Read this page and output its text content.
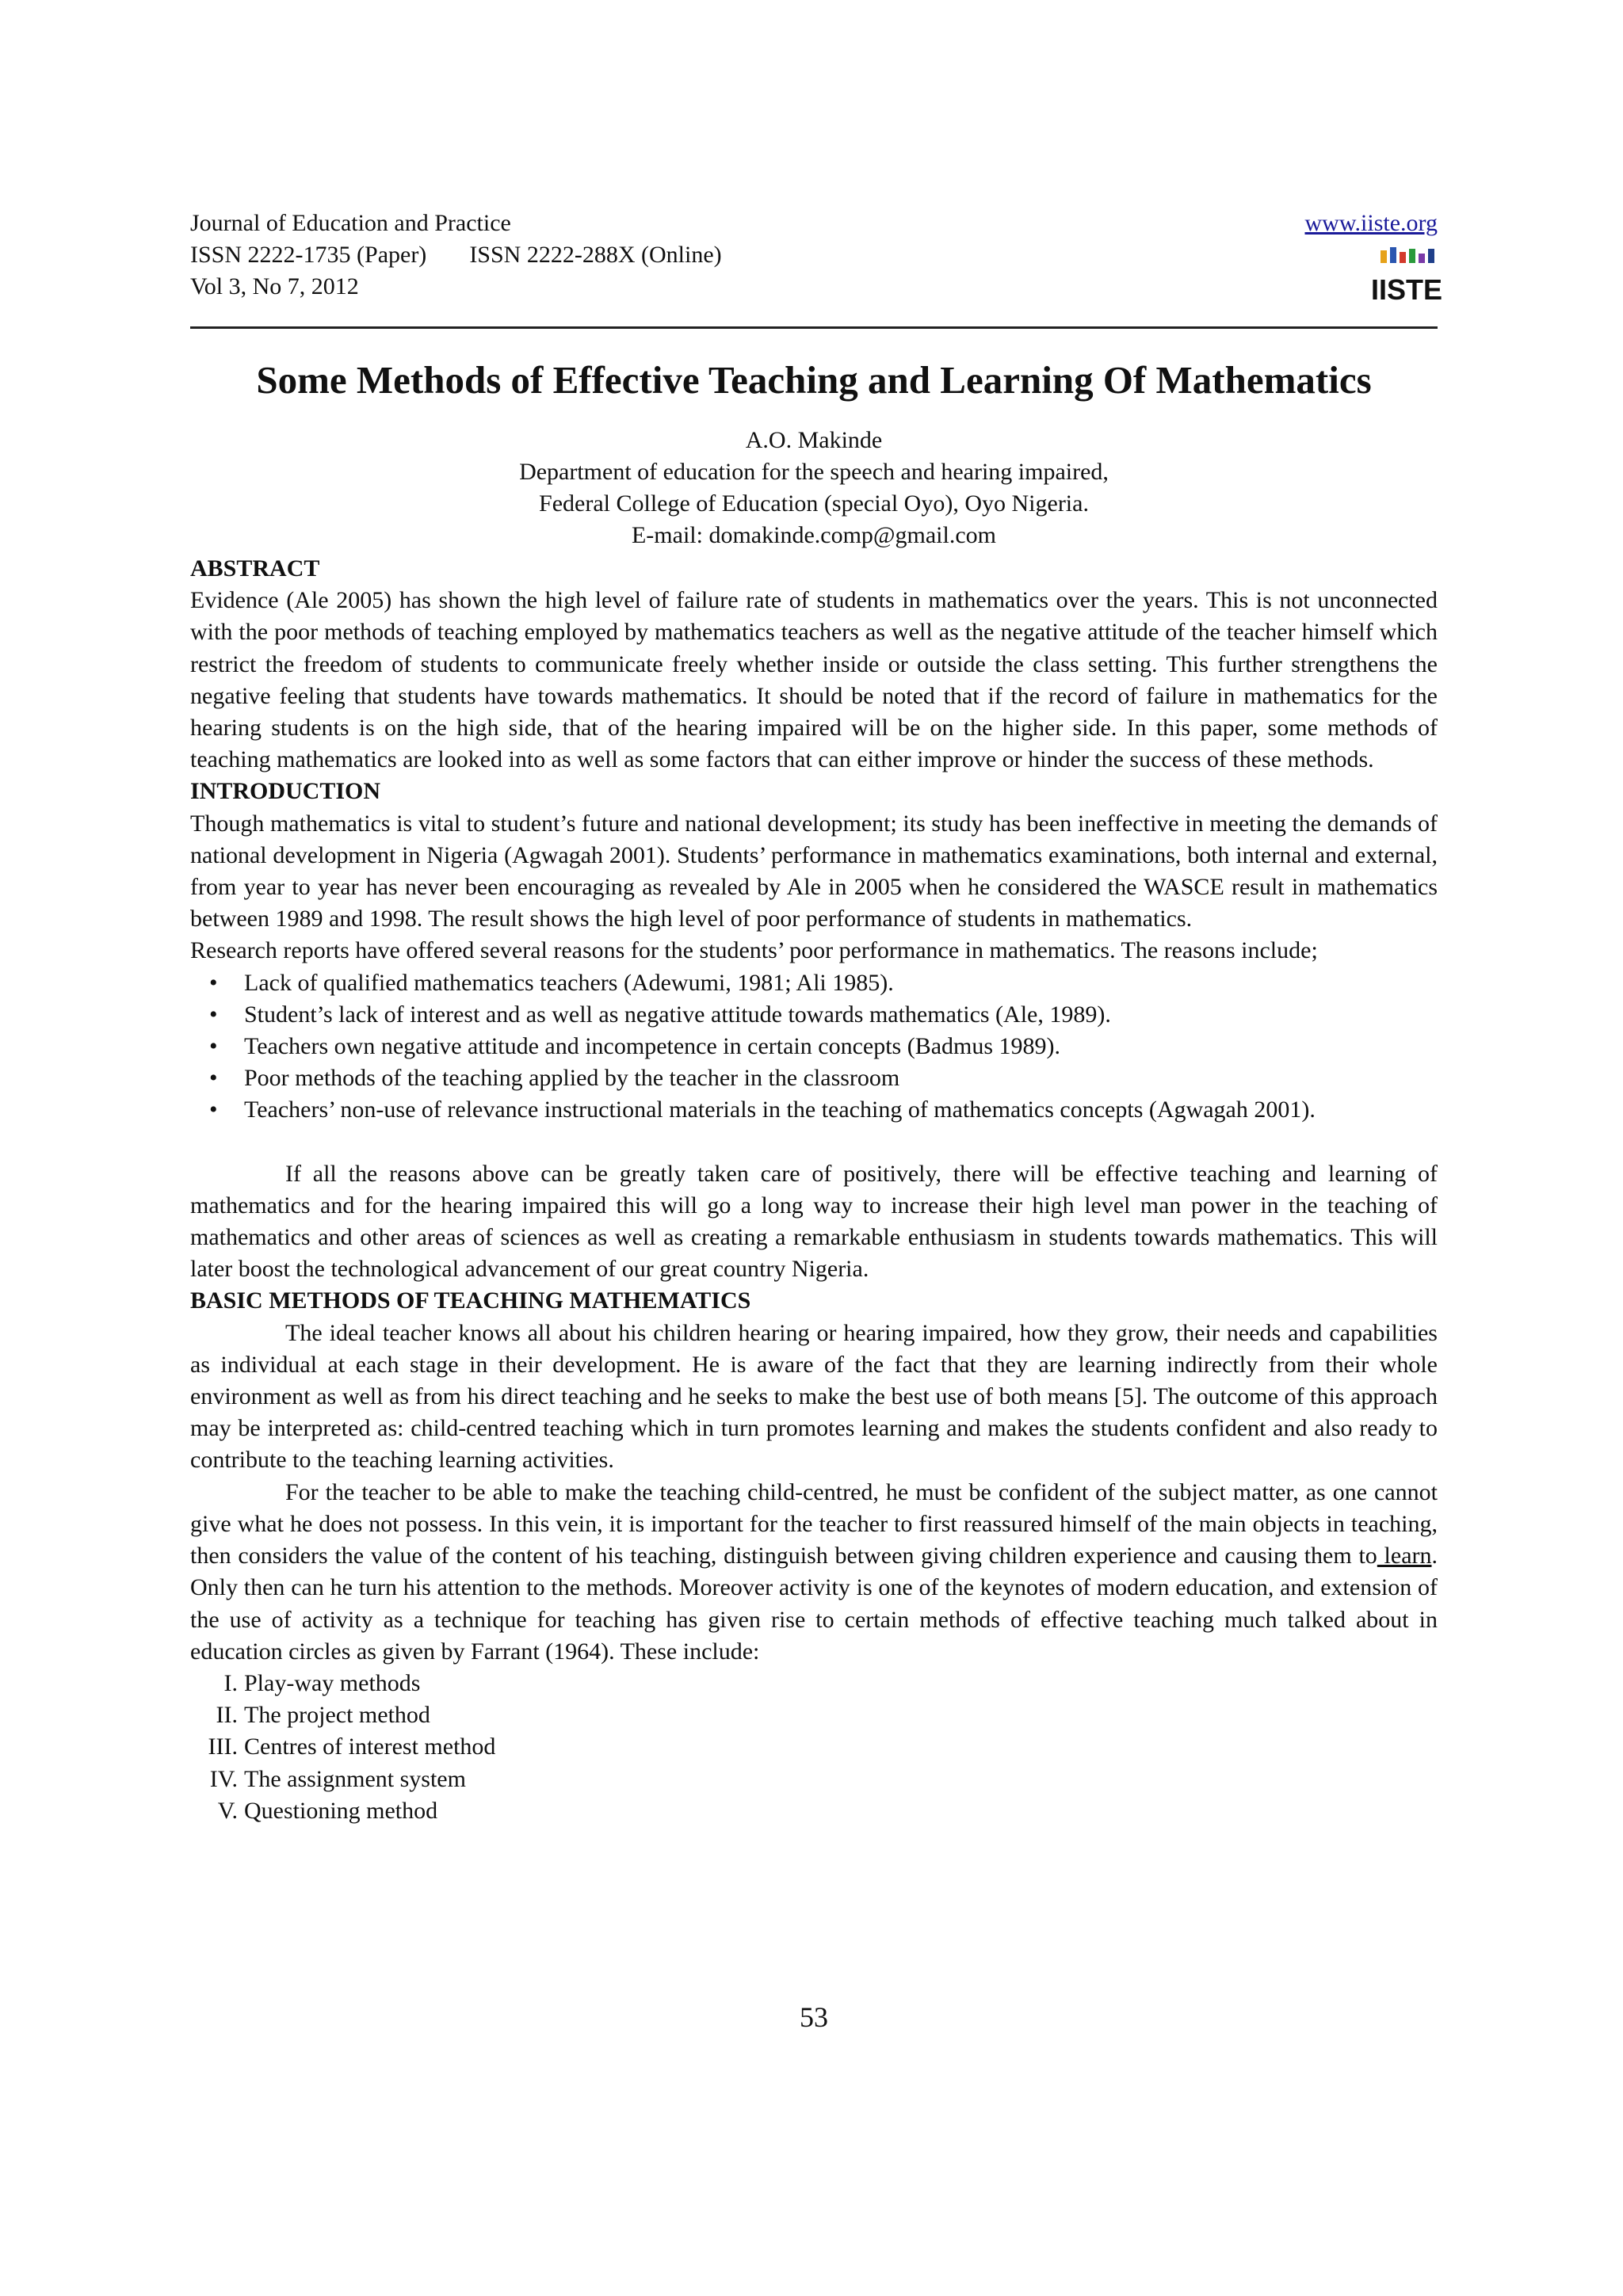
Journal of Education and Practice
ISSN 2222-1735 (Paper) ISSN 2222-288X (Online)
Vol 3, No 7, 2012
www.iiste.org
IISTE
Some Methods of Effective Teaching and Learning Of Mathematics
A.O. Makinde
Department of education for the speech and hearing impaired,
Federal College of Education (special Oyo), Oyo Nigeria.
E-mail: domakinde.comp@gmail.com
ABSTRACT

Evidence (Ale 2005) has shown the high level of failure rate of students in mathematics over the years. This is not unconnected with the poor methods of teaching employed by mathematics teachers as well as the negative attitude of the teacher himself which restrict the freedom of students to communicate freely whether inside or outside the class setting. This further strengthens the negative feeling that students have towards mathematics. It should be noted that if the record of failure in mathematics for the hearing students is on the high side, that of the hearing impaired will be on the higher side. In this paper, some methods of teaching mathematics are looked into as well as some factors that can either improve or hinder the success of these methods.

INTRODUCTION

Though mathematics is vital to student’s future and national development; its study has been ineffective in meeting the demands of national development in Nigeria (Agwagah 2001). Students’ performance in mathematics examinations, both internal and external, from year to year has never been encouraging as revealed by Ale in 2005 when he considered the WASCE result in mathematics between 1989 and 1998. The result shows the high level of poor performance of students in mathematics.

Research reports have offered several reasons for the students’ poor performance in mathematics. The reasons include;

• Lack of qualified mathematics teachers (Adewumi, 1981; Ali 1985).
• Student’s lack of interest and as well as negative attitude towards mathematics (Ale, 1989).
• Teachers own negative attitude and incompetence in certain concepts (Badmus 1989).
• Poor methods of the teaching applied by the teacher in the classroom
• Teachers’ non-use of relevance instructional materials in the teaching of mathematics concepts (Agwagah 2001).

If all the reasons above can be greatly taken care of positively, there will be effective teaching and learning of mathematics and for the hearing impaired this will go a long way to increase their high level man power in the teaching of mathematics and other areas of sciences as well as creating a remarkable enthusiasm in students towards mathematics. This will later boost the technological advancement of our great country Nigeria.

BASIC METHODS OF TEACHING MATHEMATICS

The ideal teacher knows all about his children hearing or hearing impaired, how they grow, their needs and capabilities as individual at each stage in their development. He is aware of the fact that they are learning indirectly from their whole environment as well as from his direct teaching and he seeks to make the best use of both means [5]. The outcome of this approach may be interpreted as: child-centred teaching which in turn promotes learning and makes the students confident and also ready to contribute to the teaching learning activities.

For the teacher to be able to make the teaching child-centred, he must be confident of the subject matter, as one cannot give what he does not possess. In this vein, it is important for the teacher to first reassured himself of the main objects in teaching, then considers the value of the content of his teaching, distinguish between giving children experience and causing them to learn. Only then can he turn his attention to the methods. Moreover activity is one of the keynotes of modern education, and extension of the use of activity as a technique for teaching has given rise to certain methods of effective teaching much talked about in education circles as given by Farrant (1964). These include:

I. Play-way methods
II. The project method
III. Centres of interest method
IV. The assignment system
V. Questioning method
53
